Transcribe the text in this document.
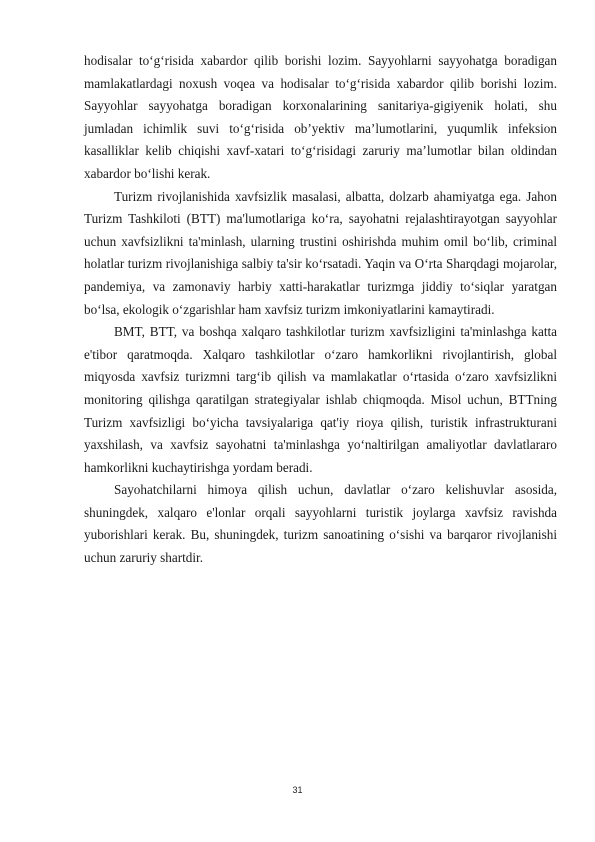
hodisalar to‘g‘risida xabardor qilib borishi lozim. Sayyohlarni sayyohatga boradigan mamlakatlardagi noxush voqea va hodisalar to‘g‘risida xabardor qilib borishi lozim. Sayyohlar sayyohatga boradigan korxonalarining sanitariya-gigiyenik holati, shu jumladan ichimlik suvi to‘g‘risida ob’yektiv ma’lumotlarini, yuqumlik infeksion kasalliklar kelib chiqishi xavf-xatari to‘g‘risidagi zaruriy ma’lumotlar bilan oldindan xabardor bo‘lishi kerak.

Turizm rivojlanishida xavfsizlik masalasi, albatta, dolzarb ahamiyatga ega. Jahon Turizm Tashkiloti (BTT) ma'lumotlariga ko‘ra, sayohatni rejalashtirayotgan sayyohlar uchun xavfsizlikni ta'minlash, ularning trustini oshirishda muhim omil bo‘lib, criminal holatlar turizm rivojlanishiga salbiy ta'sir ko‘rsatadi. Yaqin va O‘rta Sharqdagi mojarolar, pandemiya, va zamonaviy harbiy xatti-harakatlar turizmga jiddiy to‘siqlar yaratgan bo‘lsa, ekologik o‘zgarishlar ham xavfsiz turizm imkoniyatlarini kamaytiradi.

BMT, BTT, va boshqa xalqaro tashkilotlar turizm xavfsizligini ta'minlashga katta e'tibor qaratmoqda. Xalqaro tashkilotlar o‘zaro hamkorlikni rivojlantirish, global miqyosda xavfsiz turizmni targ‘ib qilish va mamlakatlar o‘rtasida o‘zaro xavfsizlikni monitoring qilishga qaratilgan strategiyalar ishlab chiqmoqda. Misol uchun, BTTning Turizm xavfsizligi bo‘yicha tavsiyalariga qat'iy rioya qilish, turistik infrastrukturani yaxshilash, va xavfsiz sayohatni ta'minlashga yo‘naltirilgan amaliyotlar davlatlararo hamkorlikni kuchaytirishga yordam beradi.

Sayohatchilarni himoya qilish uchun, davlatlar o‘zaro kelishuvlar asosida, shuningdek, xalqaro e'lonlar orqali sayyohlarni turistik joylarga xavfsiz ravishda yuborishlari kerak. Bu, shuningdek, turizm sanoatining o‘sishi va barqaror rivojlanishi uchun zaruriy shartdir.

31
